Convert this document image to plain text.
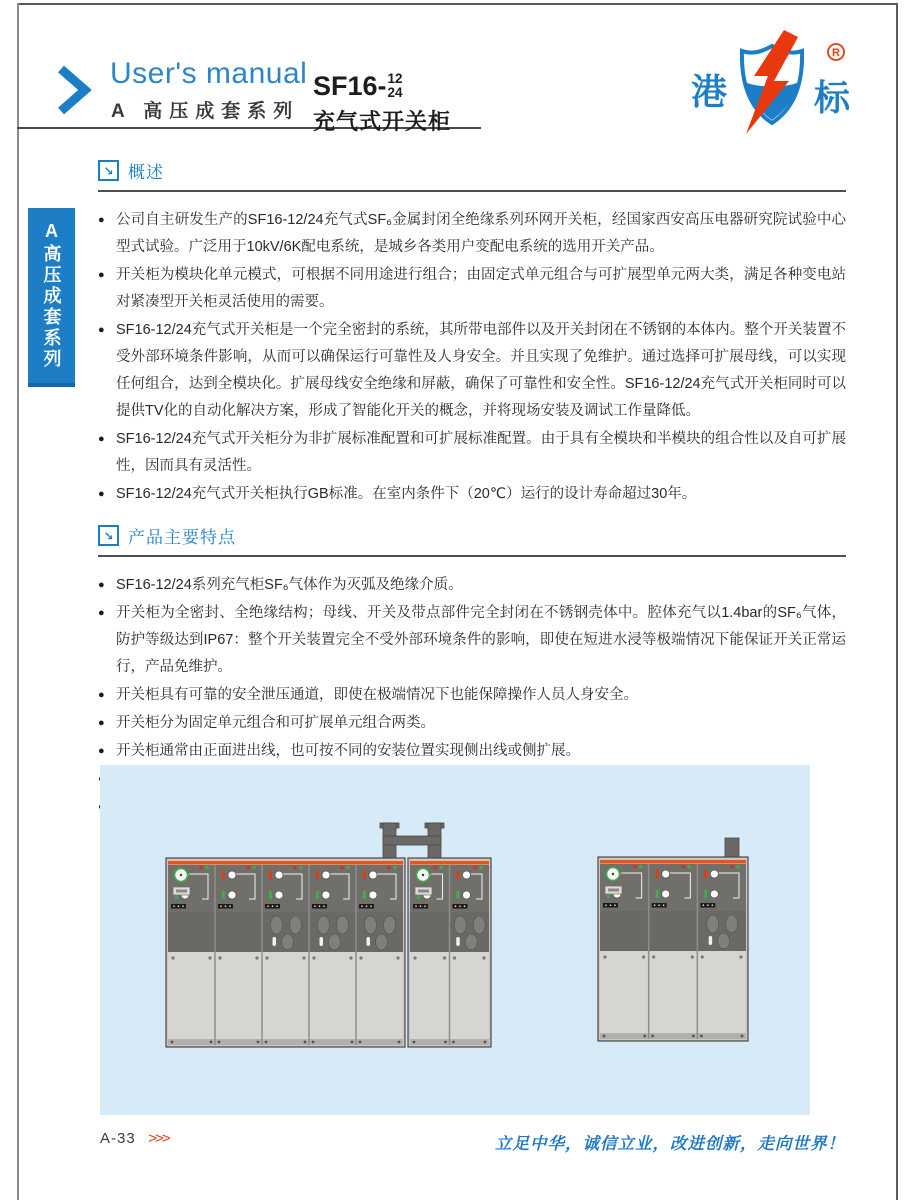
User's manual
A 高压成套系列
SF16- 12
24
充气式开关柜
港 标
R
A高压成套系列
↘ 概述
● 公司自主研发生产的SF16-12/24充气式SF₆金属封闭全绝缘系列环网开关柜，经国家西安高压电器研究院试验中心型式试验。广泛用于10kV/6K配电系统，是城乡各类用户变配电系统的选用开关产品。
● 开关柜为模块化单元模式，可根据不同用途进行组合；由固定式单元组合与可扩展型单元两大类，满足各种变电站对紧凑型开关柜灵活使用的需要。
● SF16-12/24充气式开关柜是一个完全密封的系统，其所带电部件以及开关封闭在不锈钢的本体内。整个开关装置不受外部环境条件影响，从而可以确保运行可靠性及人身安全。并且实现了免维护。通过选择可扩展母线，可以实现任何组合，达到全模块化。扩展母线安全绝缘和屏蔽，确保了可靠性和安全性。SF16-12/24充气式开关柜同时可以提供TV化的自动化解决方案，形成了智能化开关的概念，并将现场安装及调试工作量降低。
● SF16-12/24充气式开关柜分为非扩展标准配置和可扩展标准配置。由于具有全模块和半模块的组合性以及自可扩展性，因而具有灵活性。
● SF16-12/24充气式开关柜执行GB标准。在室内条件下（20℃）运行的设计寿命超过30年。
↘ 产品主要特点
● SF16-12/24系列充气柜SF₆气体作为灭弧及绝缘介质。
● 开关柜为全密封、全绝缘结构；母线、开关及带点部件完全封闭在不锈钢壳体中。腔体充气以1.4bar的SF₆气体，防护等级达到IP67：整个开关装置完全不受外部环境条件的影响，即使在短进水浸等极端情况下能保证开关正常运行，产品免维护。
● 开关柜具有可靠的安全泄压通道，即使在极端情况下也能保障操作人员人身安全。
● 开关柜分为固定单元组合和可扩展单元组合两类。
● 开关柜通常由正面进出线，也可按不同的安装位置实现侧出线或侧扩展。
●
●
A-33 >>>	立足中华，诚信立业，改进创新，走向世界！
